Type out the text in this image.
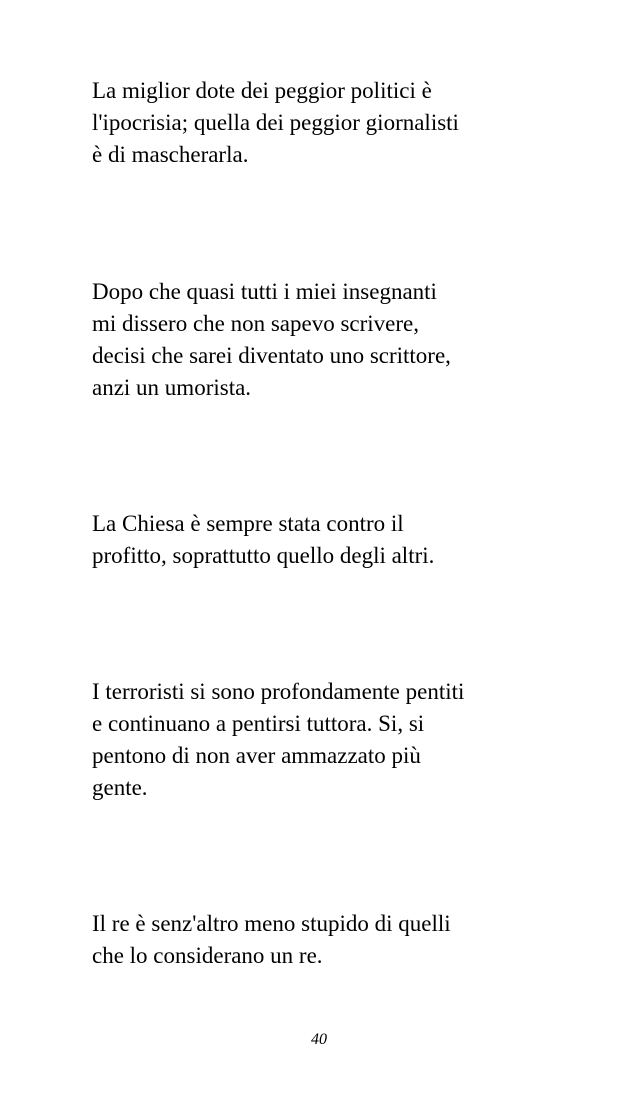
La miglior dote dei peggior politici è
l'ipocrisia; quella dei peggior giornalisti
è di mascherarla.

Dopo che quasi tutti i miei insegnanti
mi dissero che non sapevo scrivere,
decisi che sarei diventato uno scrittore,
anzi un umorista.

La Chiesa è sempre stata contro il
profitto, soprattutto quello degli altri.

I terroristi si sono profondamente pentiti
e continuano a pentirsi tuttora. Si, si
pentono di non aver ammazzato più
gente.

Il re è senz'altro meno stupido di quelli
che lo considerano un re.

40
